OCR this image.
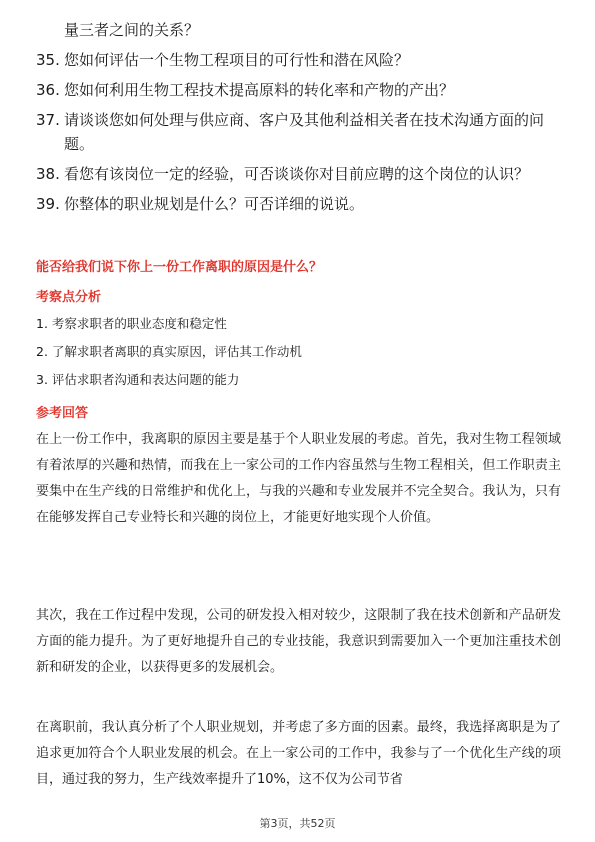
量三者之间的关系？
35. 您如何评估一个生物工程项目的可行性和潜在风险？
36. 您如何利用生物工程技术提高原料的转化率和产物的产出？
37. 请谈谈您如何处理与供应商、客户及其他利益相关者在技术沟通方面的问题。
38. 看您有该岗位一定的经验，可否谈谈你对目前应聘的这个岗位的认识？
39. 你整体的职业规划是什么？可否详细的说说。
能否给我们说下你上一份工作离职的原因是什么？
考察点分析
1. 考察求职者的职业态度和稳定性
2. 了解求职者离职的真实原因，评估其工作动机
3. 评估求职者沟通和表达问题的能力
参考回答

在上一份工作中，我离职的原因主要是基于个人职业发展的考虑。首先，我对生物工程领域有着浓厚的兴趣和热情，而我在上一家公司的工作内容虽然与生物工程相关，但工作职责主要集中在生产线的日常维护和优化上，与我的兴趣和专业发展并不完全契合。我认为，只有在能够发挥自己专业特长和兴趣的岗位上，才能更好地实现个人价值。

其次，我在工作过程中发现，公司的研发投入相对较少，这限制了我在技术创新和产品研发方面的能力提升。为了更好地提升自己的专业技能，我意识到需要加入一个更加注重技术创新和研发的企业，以获得更多的发展机会。

在离职前，我认真分析了个人职业规划，并考虑了多方面的因素。最终，我选择离职是为了追求更加符合个人职业发展的机会。在上一家公司的工作中，我参与了一个优化生产线的项目，通过我的努力，生产线效率提升了10%，这不仅为公司节省

第3页，共52页
